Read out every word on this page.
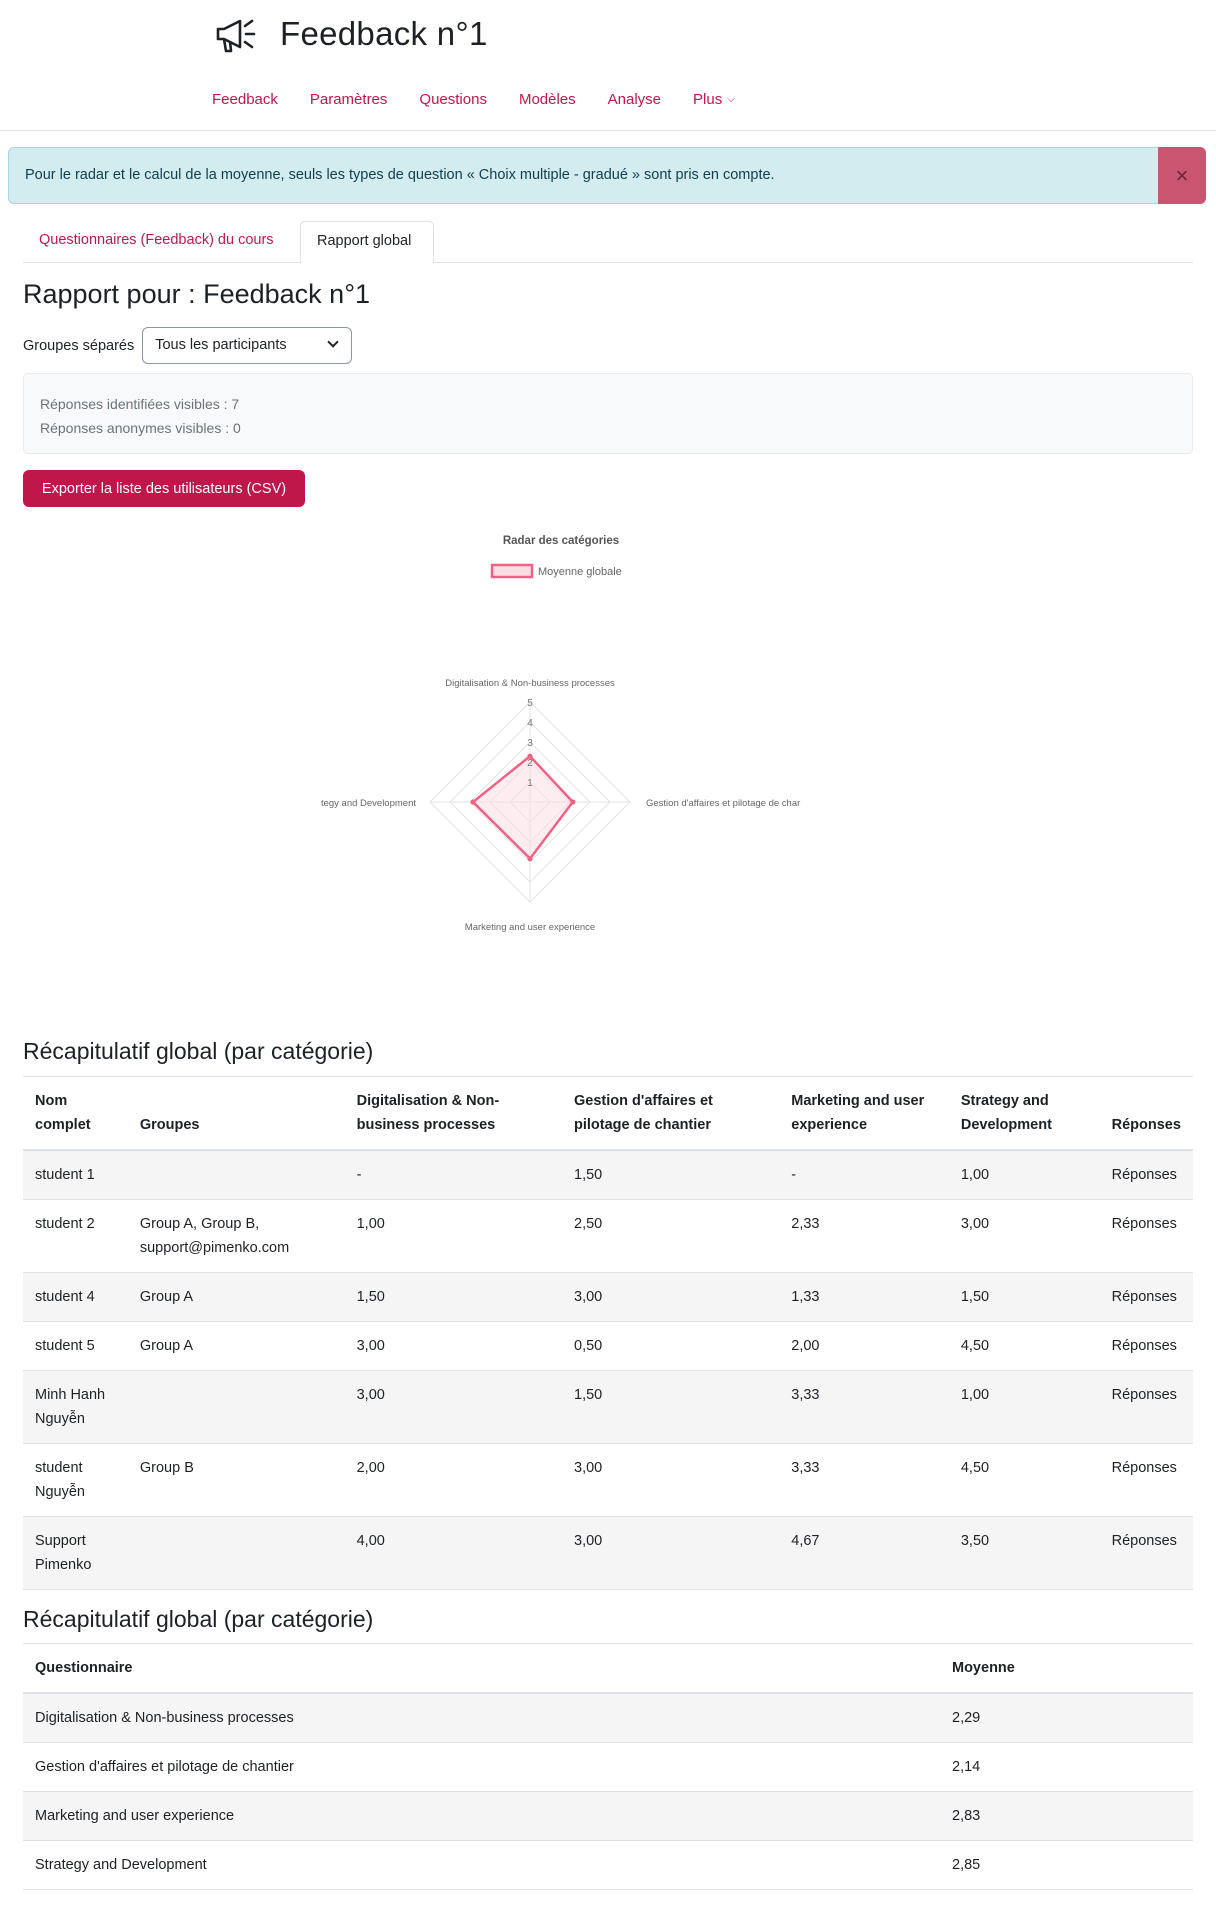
Feedback n°1
Feedback Paramètres Questions Modèles Analyse Plus ⌵
Pour le radar et le calcul de la moyenne, seuls les types de question « Choix multiple - gradué » sont pris en compte.	×
Questionnaires (Feedback) du cours	Rapport global
Rapport pour : Feedback n°1
Groupes séparés	Tous les participants
Réponses identifiées visibles : 7
Réponses anonymes visibles : 0
Exporter la liste des utilisateurs (CSV)
Radar des catégories
Moyenne globale
1
2
3
4
5
Digitalisation & Non-business processes
Gestion d'affaires et pilotage de char
Marketing and user experience
tegy and Development
Récapitulatif global (par catégorie)
Nom complet	Groupes	Digitalisation & Non-business processes	Gestion d'affaires et pilotage de chantier	Marketing and user experience	Strategy and Development	Réponses
student 1		-	1,50	-	1,00	Réponses
student 2	Group A, Group B, support@pimenko.com	1,00	2,50	2,33	3,00	Réponses
student 4	Group A	1,50	3,00	1,33	1,50	Réponses
student 5	Group A	3,00	0,50	2,00	4,50	Réponses
Minh Hanh Nguyễn		3,00	1,50	3,33	1,00	Réponses
student Nguyễn	Group B	2,00	3,00	3,33	4,50	Réponses
Support Pimenko		4,00	3,00	4,67	3,50	Réponses
Récapitulatif global (par catégorie)
Questionnaire	Moyenne
Digitalisation & Non-business processes	2,29
Gestion d'affaires et pilotage de chantier	2,14
Marketing and user experience	2,83
Strategy and Development	2,85
